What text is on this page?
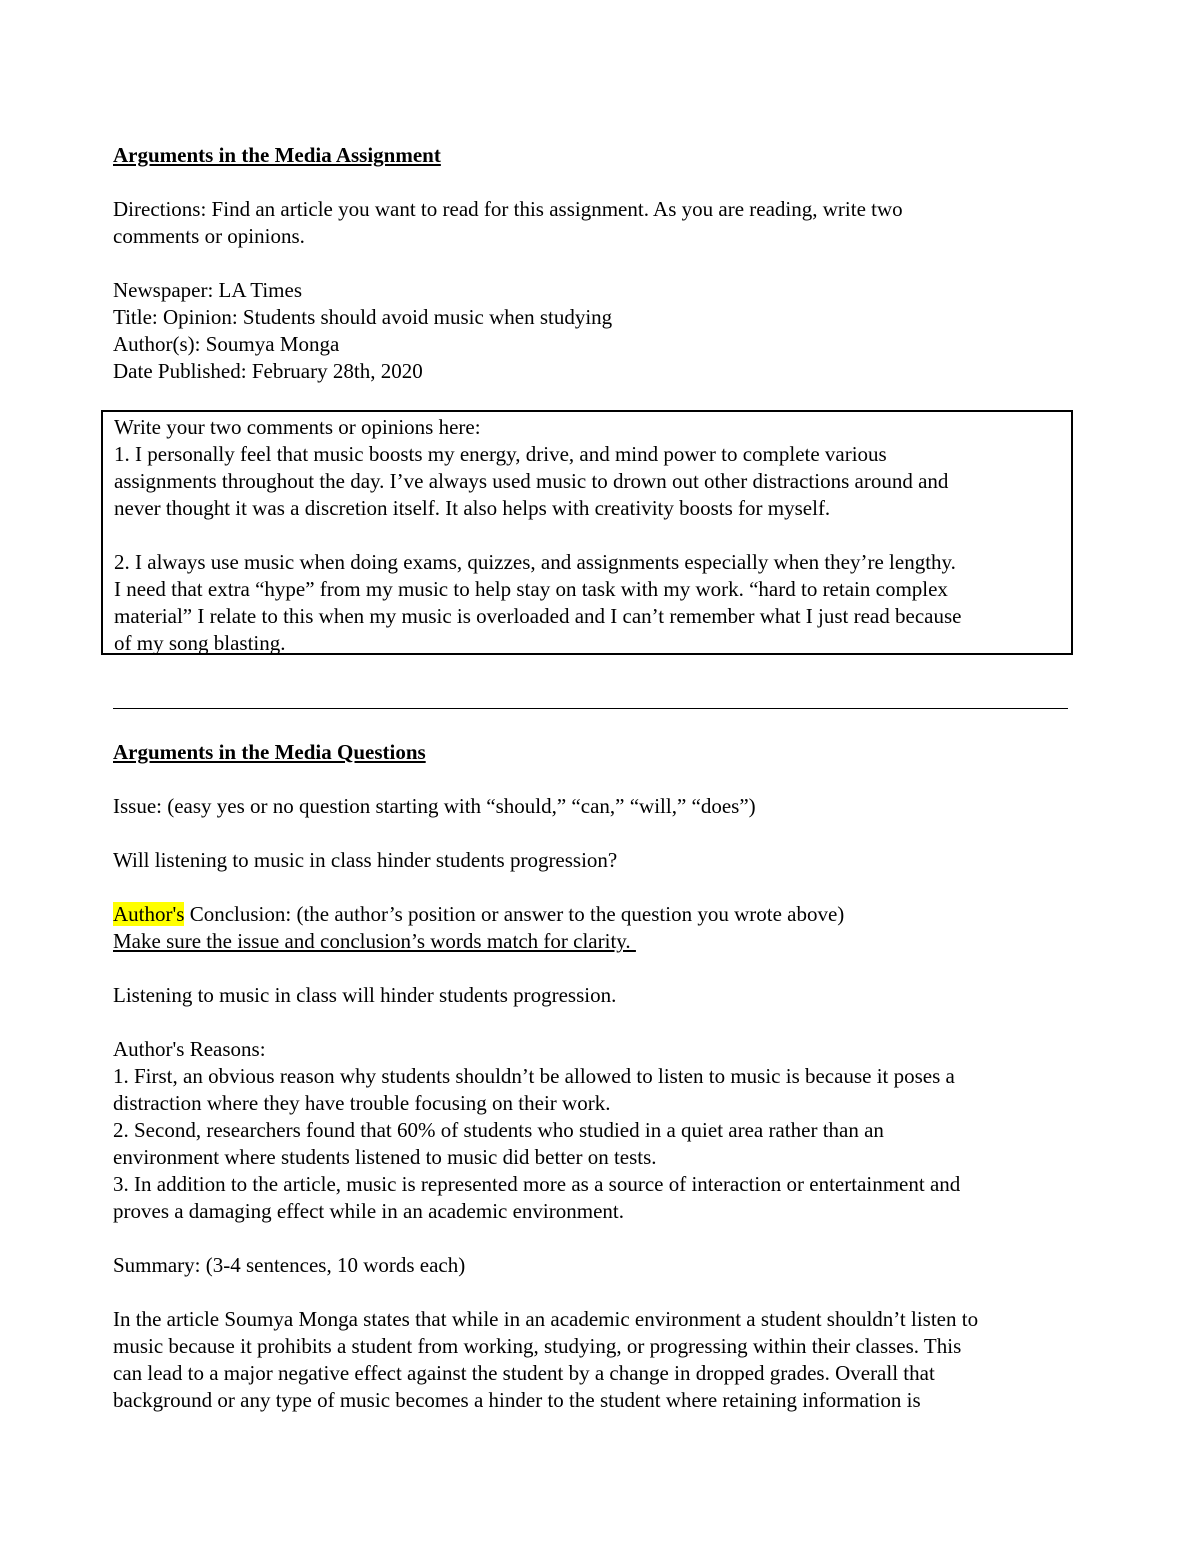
Arguments in the Media Assignment
Directions: Find an article you want to read for this assignment. As you are reading, write two
comments or opinions.
Newspaper: LA Times
Title: Opinion: Students should avoid music when studying
Author(s): Soumya Monga
Date Published: February 28th, 2020
Write your two comments or opinions here:
1. I personally feel that music boosts my energy, drive, and mind power to complete various
assignments throughout the day. I’ve always used music to drown out other distractions around and
never thought it was a discretion itself. It also helps with creativity boosts for myself.
2. I always use music when doing exams, quizzes, and assignments especially when they’re lengthy.
I need that extra “hype” from my music to help stay on task with my work. “hard to retain complex
material” I relate to this when my music is overloaded and I can’t remember what I just read because
of my song blasting.
Arguments in the Media Questions
Issue: (easy yes or no question starting with “should,” “can,” “will,” “does”)
Will listening to music in class hinder students progression?
Author's Conclusion: (the author’s position or answer to the question you wrote above)
Make sure the issue and conclusion’s words match for clarity.
Listening to music in class will hinder students progression.
Author's Reasons:
1. First, an obvious reason why students shouldn’t be allowed to listen to music is because it poses a
distraction where they have trouble focusing on their work.
2. Second, researchers found that 60% of students who studied in a quiet area rather than an
environment where students listened to music did better on tests.
3. In addition to the article, music is represented more as a source of interaction or entertainment and
proves a damaging effect while in an academic environment.
Summary: (3-4 sentences, 10 words each)
In the article Soumya Monga states that while in an academic environment a student shouldn’t listen to
music because it prohibits a student from working, studying, or progressing within their classes. This
can lead to a major negative effect against the student by a change in dropped grades. Overall that
background or any type of music becomes a hinder to the student where retaining information is
